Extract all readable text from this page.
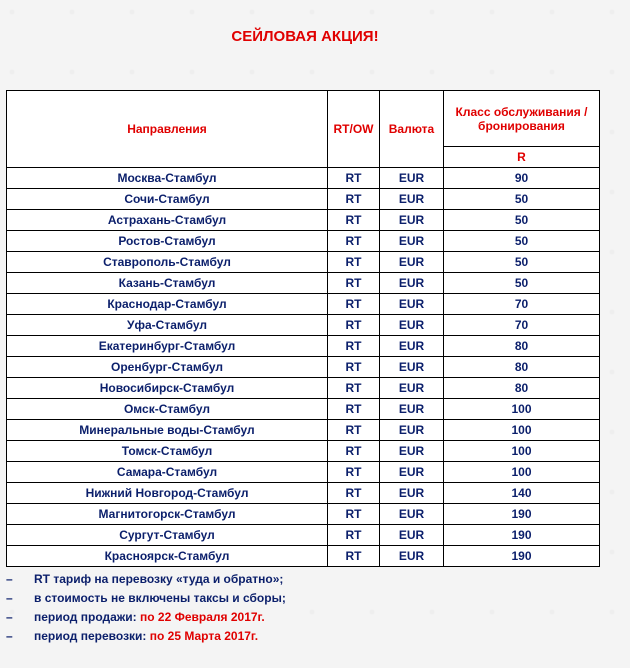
СЕЙЛОВАЯ АКЦИЯ!
Направления	RT/OW	Валюта	Класс обслуживания / бронирования
			R
Москва-Стамбул	RT	EUR	90
Сочи-Стамбул	RT	EUR	50
Астрахань-Стамбул	RT	EUR	50
Ростов-Стамбул	RT	EUR	50
Ставрополь-Стамбул	RT	EUR	50
Казань-Стамбул	RT	EUR	50
Краснодар-Стамбул	RT	EUR	70
Уфа-Стамбул	RT	EUR	70
Екатеринбург-Стамбул	RT	EUR	80
Оренбург-Стамбул	RT	EUR	80
Новосибирск-Стамбул	RT	EUR	80
Омск-Стамбул	RT	EUR	100
Минеральные воды-Стамбул	RT	EUR	100
Томск-Стамбул	RT	EUR	100
Самара-Стамбул	RT	EUR	100
Нижний Новгород-Стамбул	RT	EUR	140
Магнитогорск-Стамбул	RT	EUR	190
Сургут-Стамбул	RT	EUR	190
Красноярск-Стамбул	RT	EUR	190
– RT тариф на перевозку «туда и обратно»;
– в стоимость не включены таксы и сборы;
– период продажи: по 22 Февраля 2017г.
– период перевозки: по 25 Марта 2017г.
